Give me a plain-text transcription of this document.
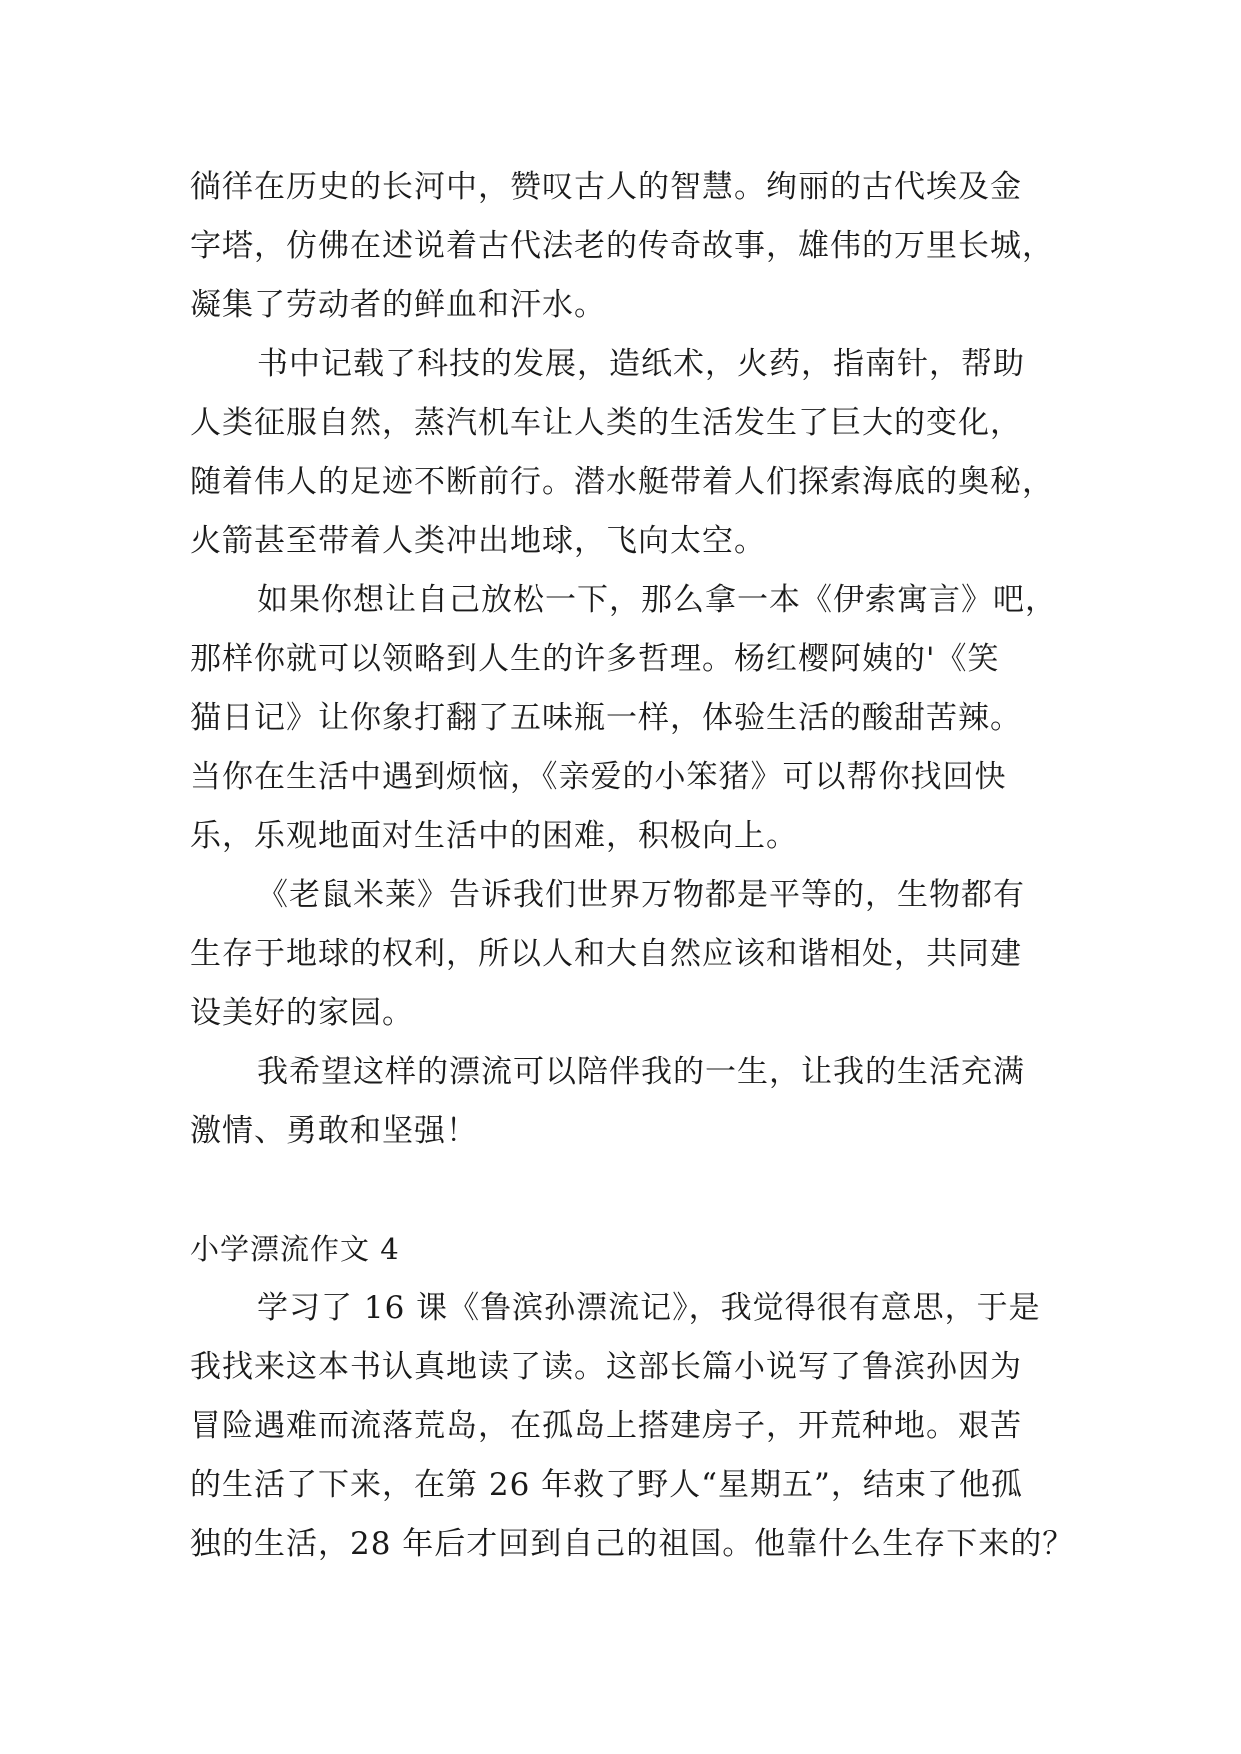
徜徉在历史的长河中，赞叹古人的智慧。绚丽的古代埃及金
字塔，仿佛在述说着古代法老的传奇故事，雄伟的万里长城，
凝集了劳动者的鲜血和汗水。
书中记载了科技的发展，造纸术，火药，指南针，帮助
人类征服自然，蒸汽机车让人类的生活发生了巨大的变化，
随着伟人的足迹不断前行。潜水艇带着人们探索海底的奥秘，
火箭甚至带着人类冲出地球，飞向太空。
如果你想让自己放松一下，那么拿一本《伊索寓言》吧，
那样你就可以领略到人生的许多哲理。杨红樱阿姨的'《笑
猫日记》让你象打翻了五味瓶一样，体验生活的酸甜苦辣。
当你在生活中遇到烦恼，《亲爱的小笨猪》可以帮你找回快
乐，乐观地面对生活中的困难，积极向上。
《老鼠米莱》告诉我们世界万物都是平等的，生物都有
生存于地球的权利，所以人和大自然应该和谐相处，共同建
设美好的家园。
我希望这样的漂流可以陪伴我的一生，让我的生活充满
激情、勇敢和坚强！
小学漂流作文 4
学习了 16 课《鲁滨孙漂流记》，我觉得很有意思，于是
我找来这本书认真地读了读。这部长篇小说写了鲁滨孙因为
冒险遇难而流落荒岛，在孤岛上搭建房子，开荒种地。艰苦
的生活了下来，在第 26 年救了野人“星期五”，结束了他孤
独的生活，28 年后才回到自己的祖国。他靠什么生存下来的？
